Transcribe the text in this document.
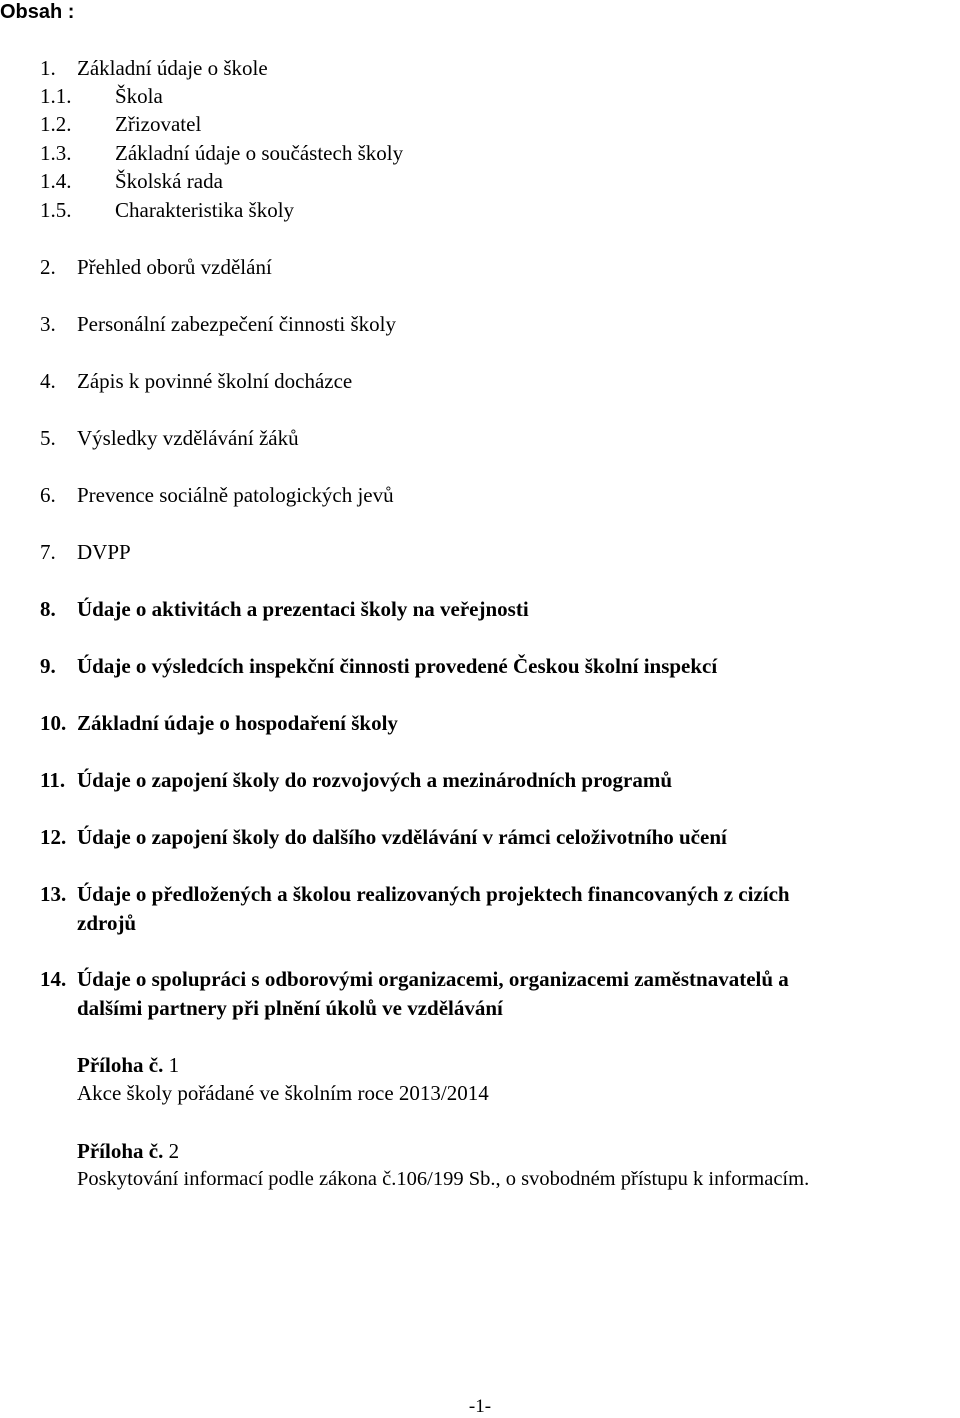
Obsah :
1. Základní údaje o škole
1.1. Škola
1.2. Zřizovatel
1.3. Základní údaje o součástech školy
1.4. Školská rada
1.5. Charakteristika školy
2. Přehled oborů vzdělání
3. Personální zabezpečení činnosti školy
4. Zápis k povinné školní docházce
5. Výsledky vzdělávání žáků
6. Prevence sociálně patologických jevů
7. DVPP
8. Údaje o aktivitách a prezentaci školy na veřejnosti
9. Údaje o výsledcích inspekční činnosti provedené Českou školní inspekcí
10. Základní údaje o hospodaření školy
11. Údaje o zapojení školy do rozvojových a mezinárodních programů
12. Údaje o zapojení školy do dalšího vzdělávání v rámci celoživotního učení
13. Údaje o předložených a školou realizovaných projektech financovaných z cizích
zdrojů
14. Údaje o spolupráci s odborovými organizacemi, organizacemi zaměstnavatelů a
dalšími partnery při plnění úkolů ve vzdělávání
Příloha č. 1
Akce školy pořádané ve školním roce 2013/2014
Příloha č. 2
Poskytování informací podle zákona č.106/199 Sb., o svobodném přístupu k informacím.
-1-
